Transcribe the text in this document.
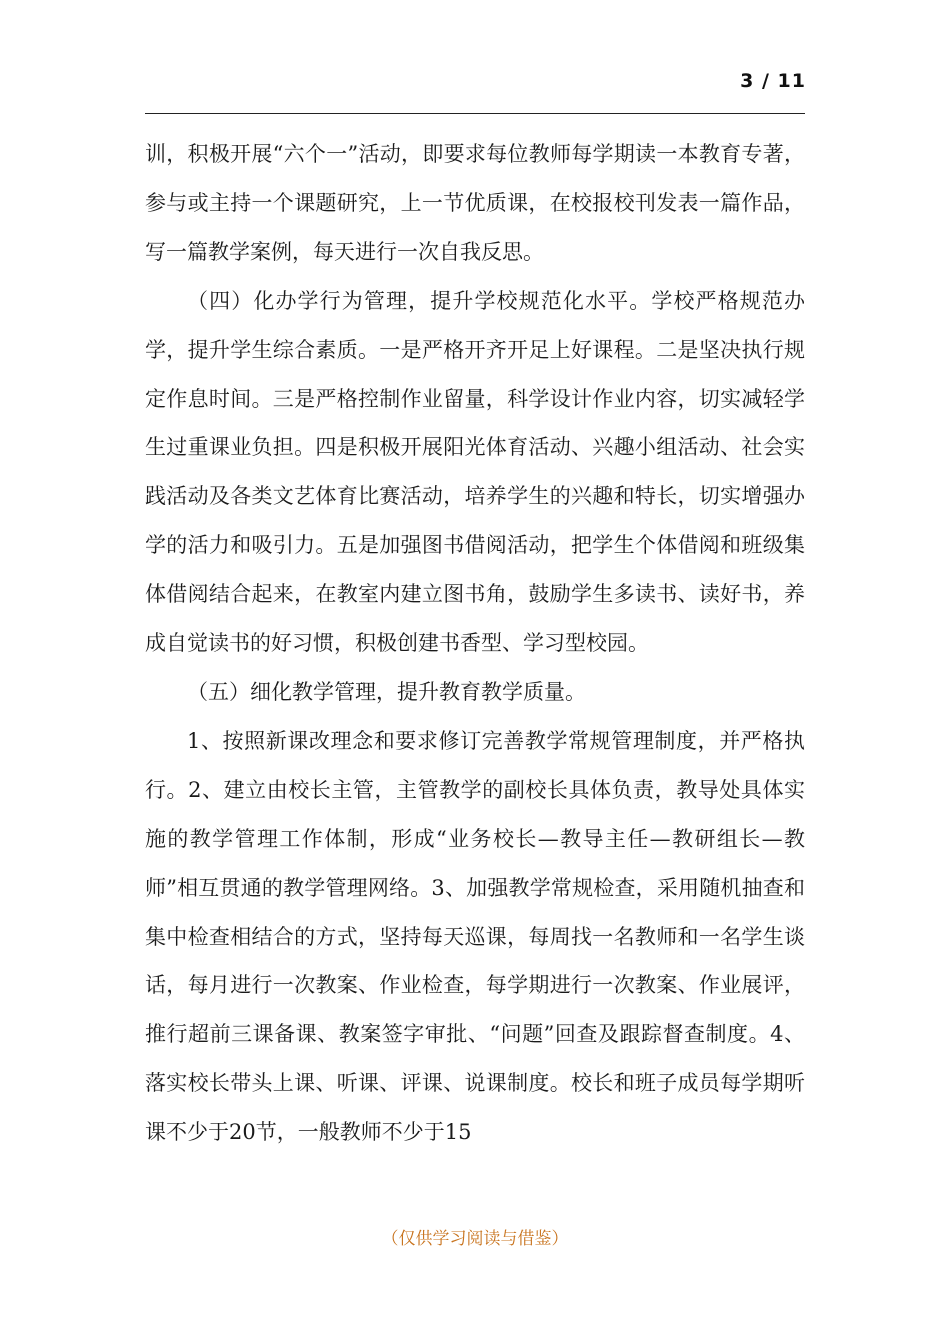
3 / 11

训，积极开展“六个一”活动，即要求每位教师每学期读一本教育专著，参与或主持一个课题研究，上一节优质课，在校报校刊发表一篇作品，写一篇教学案例，每天进行一次自我反思。

（四）化办学行为管理，提升学校规范化水平。学校严格规范办学，提升学生综合素质。一是严格开齐开足上好课程。二是坚决执行规定作息时间。三是严格控制作业留量，科学设计作业内容，切实减轻学生过重课业负担。四是积极开展阳光体育活动、兴趣小组活动、社会实践活动及各类文艺体育比赛活动，培养学生的兴趣和特长，切实增强办学的活力和吸引力。五是加强图书借阅活动，把学生个体借阅和班级集体借阅结合起来，在教室内建立图书角，鼓励学生多读书、读好书，养成自觉读书的好习惯，积极创建书香型、学习型校园。

（五）细化教学管理，提升教育教学质量。

1、按照新课改理念和要求修订完善教学常规管理制度，并严格执行。2、建立由校长主管，主管教学的副校长具体负责，教导处具体实施的教学管理工作体制，形成“业务校长—教导主任—教研组长—教师”相互贯通的教学管理网络。3、加强教学常规检查，采用随机抽查和集中检查相结合的方式，坚持每天巡课，每周找一名教师和一名学生谈话，每月进行一次教案、作业检查，每学期进行一次教案、作业展评，推行超前三课备课、教案签字审批、“问题”回查及跟踪督查制度。4、落实校长带头上课、听课、评课、说课制度。校长和班子成员每学期听课不少于20节，一般教师不少于15

（仅供学习阅读与借鉴）
